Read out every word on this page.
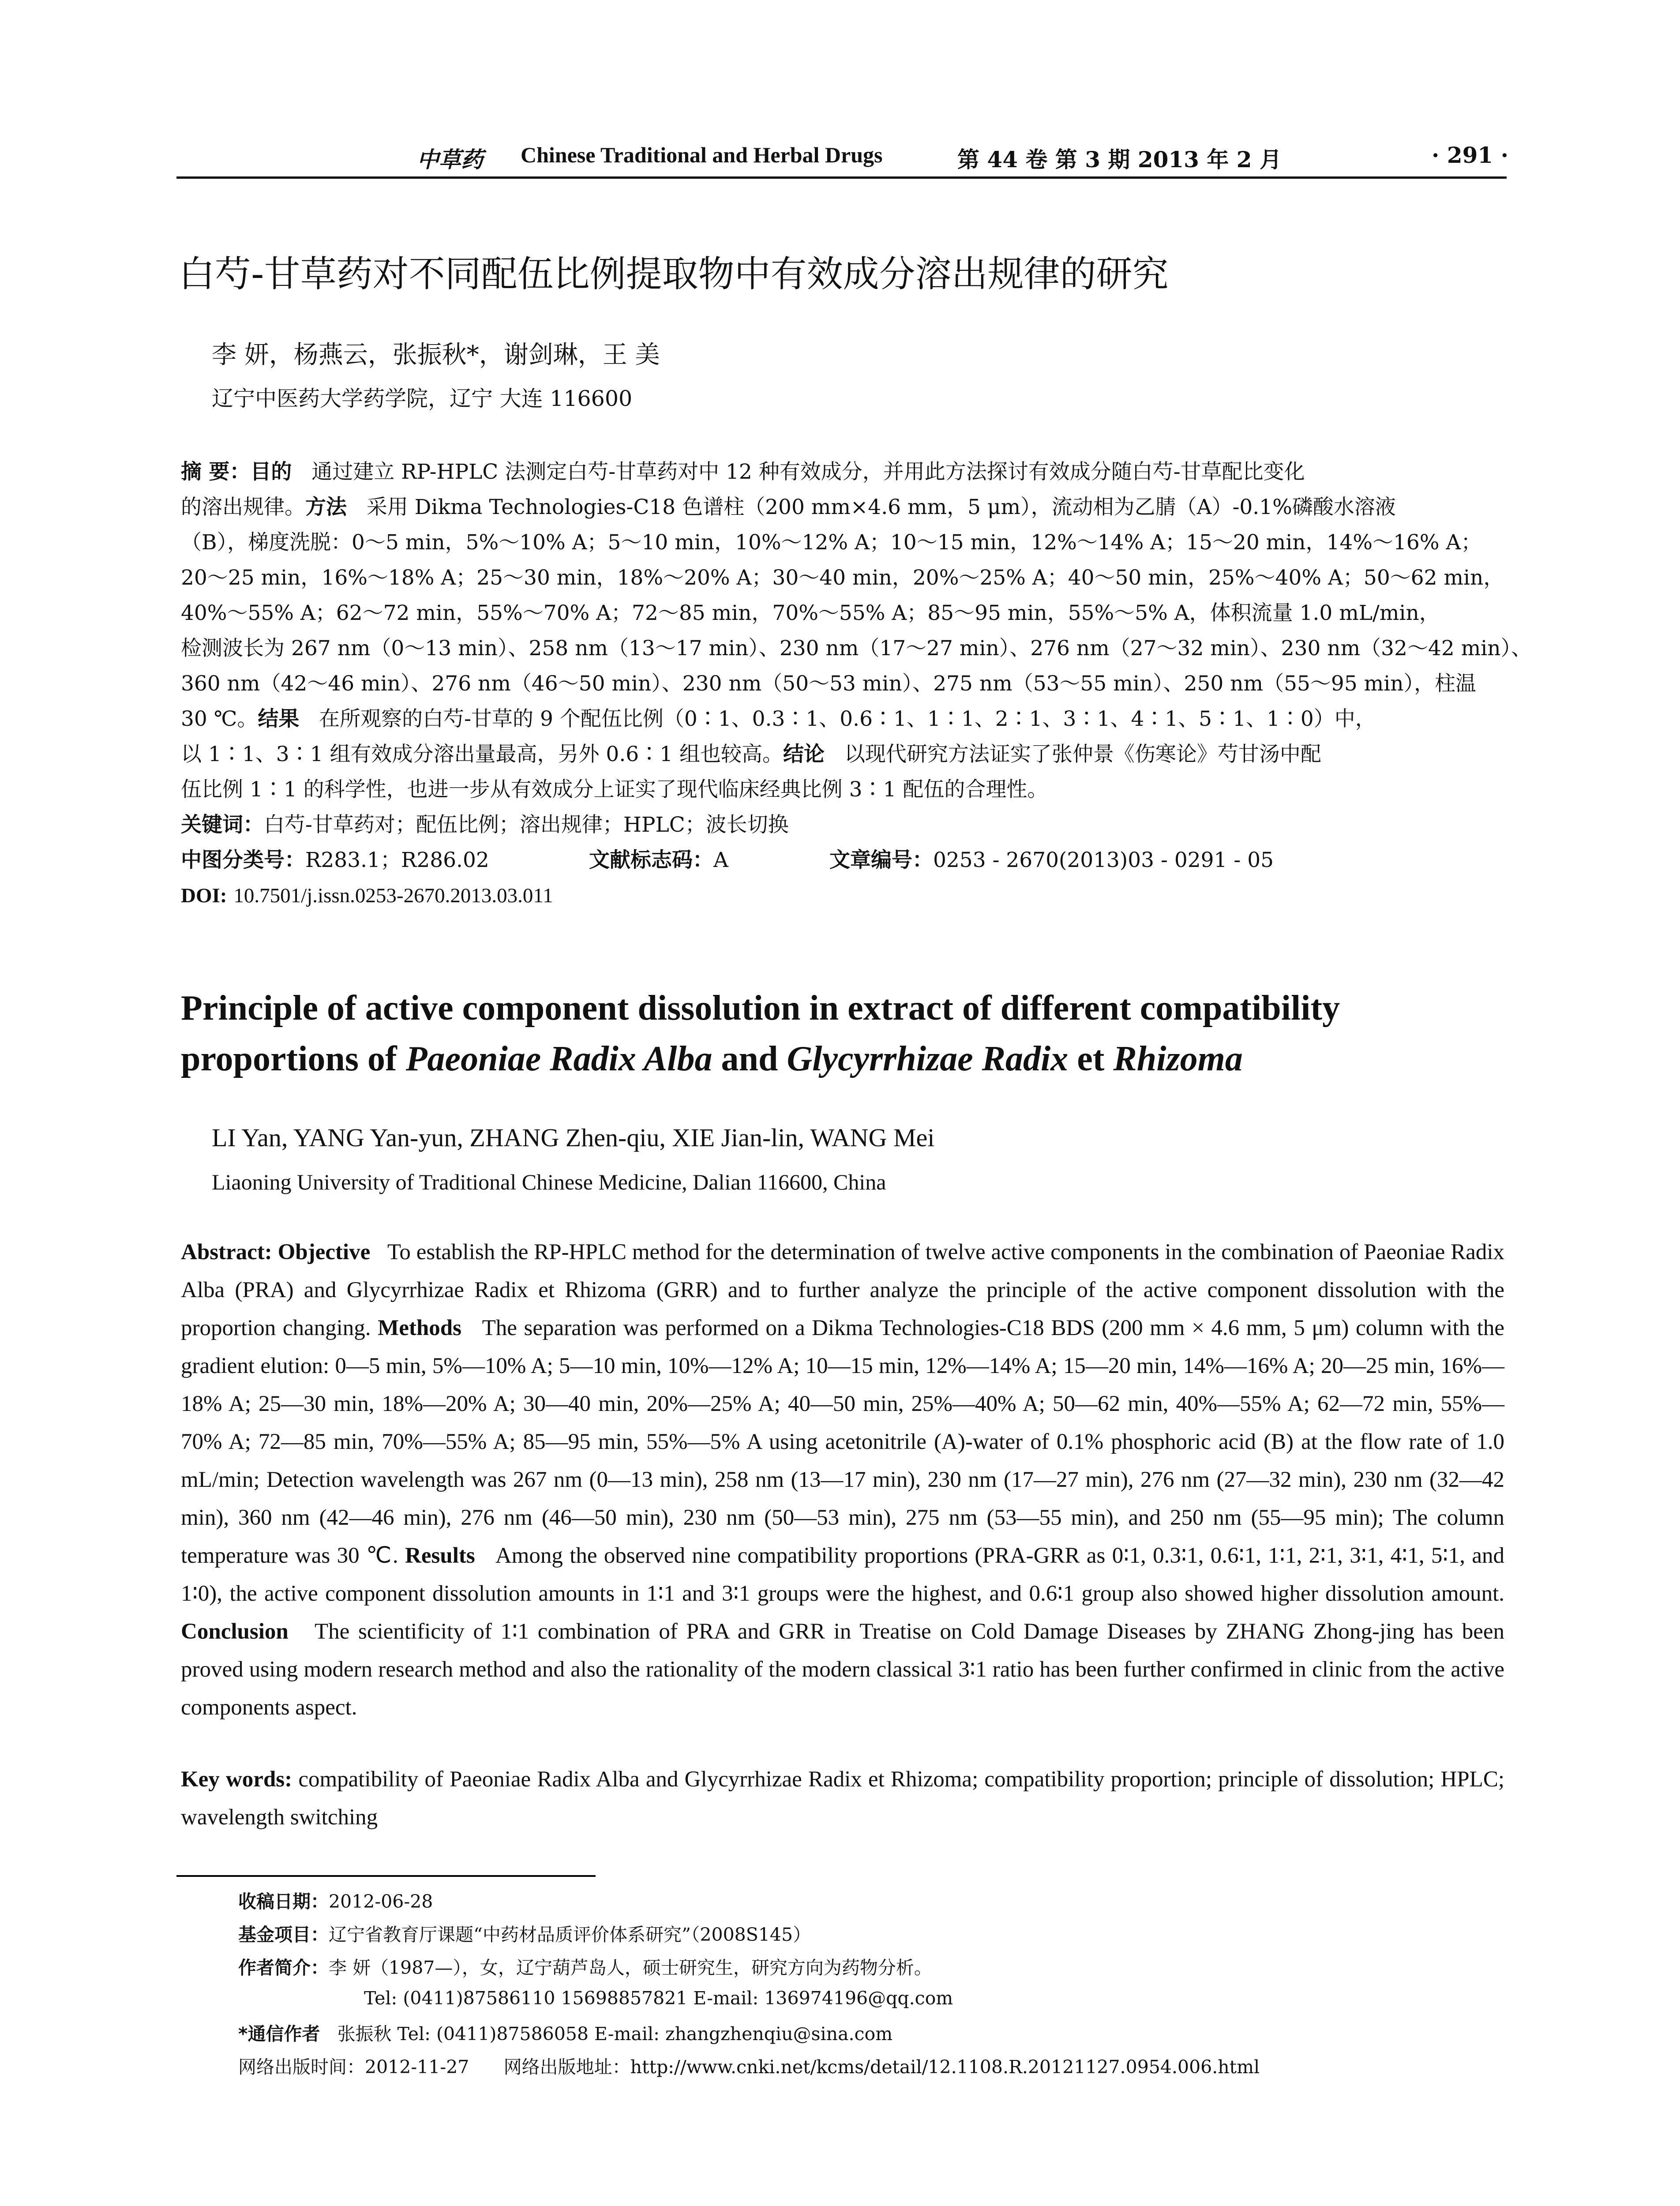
中草药 Chinese Traditional and Herbal Drugs	第 44 卷 第 3 期 2013 年 2 月	· 291 ·
白芍-甘草药对不同配伍比例提取物中有效成分溶出规律的研究
李 妍，杨燕云，张振秋*，谢剑琳，王 美
辽宁中医药大学药学院，辽宁 大连 116600
摘 要：目的 通过建立 RP-HPLC 法测定白芍-甘草药对中 12 种有效成分，并用此方法探讨有效成分随白芍-甘草配比变化
的溶出规律。方法 采用 Dikma Technologies-C18 色谱柱（200 mm×4.6 mm，5 μm），流动相为乙腈（A）-0.1%磷酸水溶液
（B），梯度洗脱：0～5 min，5%～10% A；5～10 min，10%～12% A；10～15 min，12%～14% A；15～20 min，14%～16% A；
20～25 min，16%～18% A；25～30 min，18%～20% A；30～40 min，20%～25% A；40～50 min，25%～40% A；50～62 min，
40%～55% A；62～72 min，55%～70% A；72～85 min，70%～55% A；85～95 min，55%～5% A，体积流量 1.0 mL/min，
检测波长为 267 nm（0～13 min）、258 nm（13～17 min）、230 nm（17～27 min）、276 nm（27～32 min）、230 nm（32～42 min）、
360 nm（42～46 min）、276 nm（46～50 min）、230 nm（50～53 min）、275 nm（53～55 min）、250 nm（55～95 min），柱温
30 ℃。结果 在所观察的白芍-甘草的 9 个配伍比例（0∶1、0.3∶1、0.6∶1、1∶1、2∶1、3∶1、4∶1、5∶1、1∶0）中，
以 1∶1、3∶1 组有效成分溶出量最高，另外 0.6∶1 组也较高。结论 以现代研究方法证实了张仲景《伤寒论》芍甘汤中配
伍比例 1∶1 的科学性，也进一步从有效成分上证实了现代临床经典比例 3∶1 配伍的合理性。
关键词：白芍-甘草药对；配伍比例；溶出规律；HPLC；波长切换
中图分类号：R283.1；R286.02	文献标志码：A	文章编号：0253 - 2670(2013)03 - 0291 - 05
DOI: 10.7501/j.issn.0253-2670.2013.03.011
Principle of active component dissolution in extract of different compatibility
proportions of Paeoniae Radix Alba and Glycyrrhizae Radix et Rhizoma
LI Yan, YANG Yan-yun, ZHANG Zhen-qiu, XIE Jian-lin, WANG Mei
Liaoning University of Traditional Chinese Medicine, Dalian 116600, China
Abstract: Objective To establish the RP-HPLC method for the determination of twelve active components in the combination of Paeoniae Radix Alba (PRA) and Glycyrrhizae Radix et Rhizoma (GRR) and to further analyze the principle of the active component dissolution with the proportion changing. Methods The separation was performed on a Dikma Technologies-C18 BDS (200 mm × 4.6 mm, 5 μm) column with the gradient elution: 0—5 min, 5%—10% A; 5—10 min, 10%—12% A; 10—15 min, 12%—14% A; 15—20 min, 14%—16% A; 20—25 min, 16%—18% A; 25—30 min, 18%—20% A; 30—40 min, 20%—25% A; 40—50 min, 25%—40% A; 50—62 min, 40%—55% A; 62—72 min, 55%—70% A; 72—85 min, 70%—55% A; 85—95 min, 55%—5% A using acetonitrile (A)-water of 0.1% phosphoric acid (B) at the flow rate of 1.0 mL/min; Detection wavelength was 267 nm (0—13 min), 258 nm (13—17 min), 230 nm (17—27 min), 276 nm (27—32 min), 230 nm (32—42 min), 360 nm (42—46 min), 276 nm (46—50 min), 230 nm (50—53 min), 275 nm (53—55 min), and 250 nm (55—95 min); The column temperature was 30 ℃. Results Among the observed nine compatibility proportions (PRA-GRR as 0∶1, 0.3∶1, 0.6∶1, 1∶1, 2∶1, 3∶1, 4∶1, 5∶1, and 1∶0), the active component dissolution amounts in 1∶1 and 3∶1 groups were the highest, and 0.6∶1 group also showed higher dissolution amount. Conclusion The scientificity of 1∶1 combination of PRA and GRR in Treatise on Cold Damage Diseases by ZHANG Zhong-jing has been proved using modern research method and also the rationality of the modern classical 3∶1 ratio has been further confirmed in clinic from the active components aspect.
Key words: compatibility of Paeoniae Radix Alba and Glycyrrhizae Radix et Rhizoma; compatibility proportion; principle of dissolution; HPLC; wavelength switching
收稿日期：2012-06-28
基金项目：辽宁省教育厅课题“中药材品质评价体系研究”（2008S145）
作者简介：李 妍（1987—），女，辽宁葫芦岛人，硕士研究生，研究方向为药物分析。
Tel: (0411)87586110 15698857821 E-mail: 136974196@qq.com
*通信作者 张振秋 Tel: (0411)87586058 E-mail: zhangzhenqiu@sina.com
网络出版时间：2012-11-27 网络出版地址：http://www.cnki.net/kcms/detail/12.1108.R.20121127.0954.006.html
